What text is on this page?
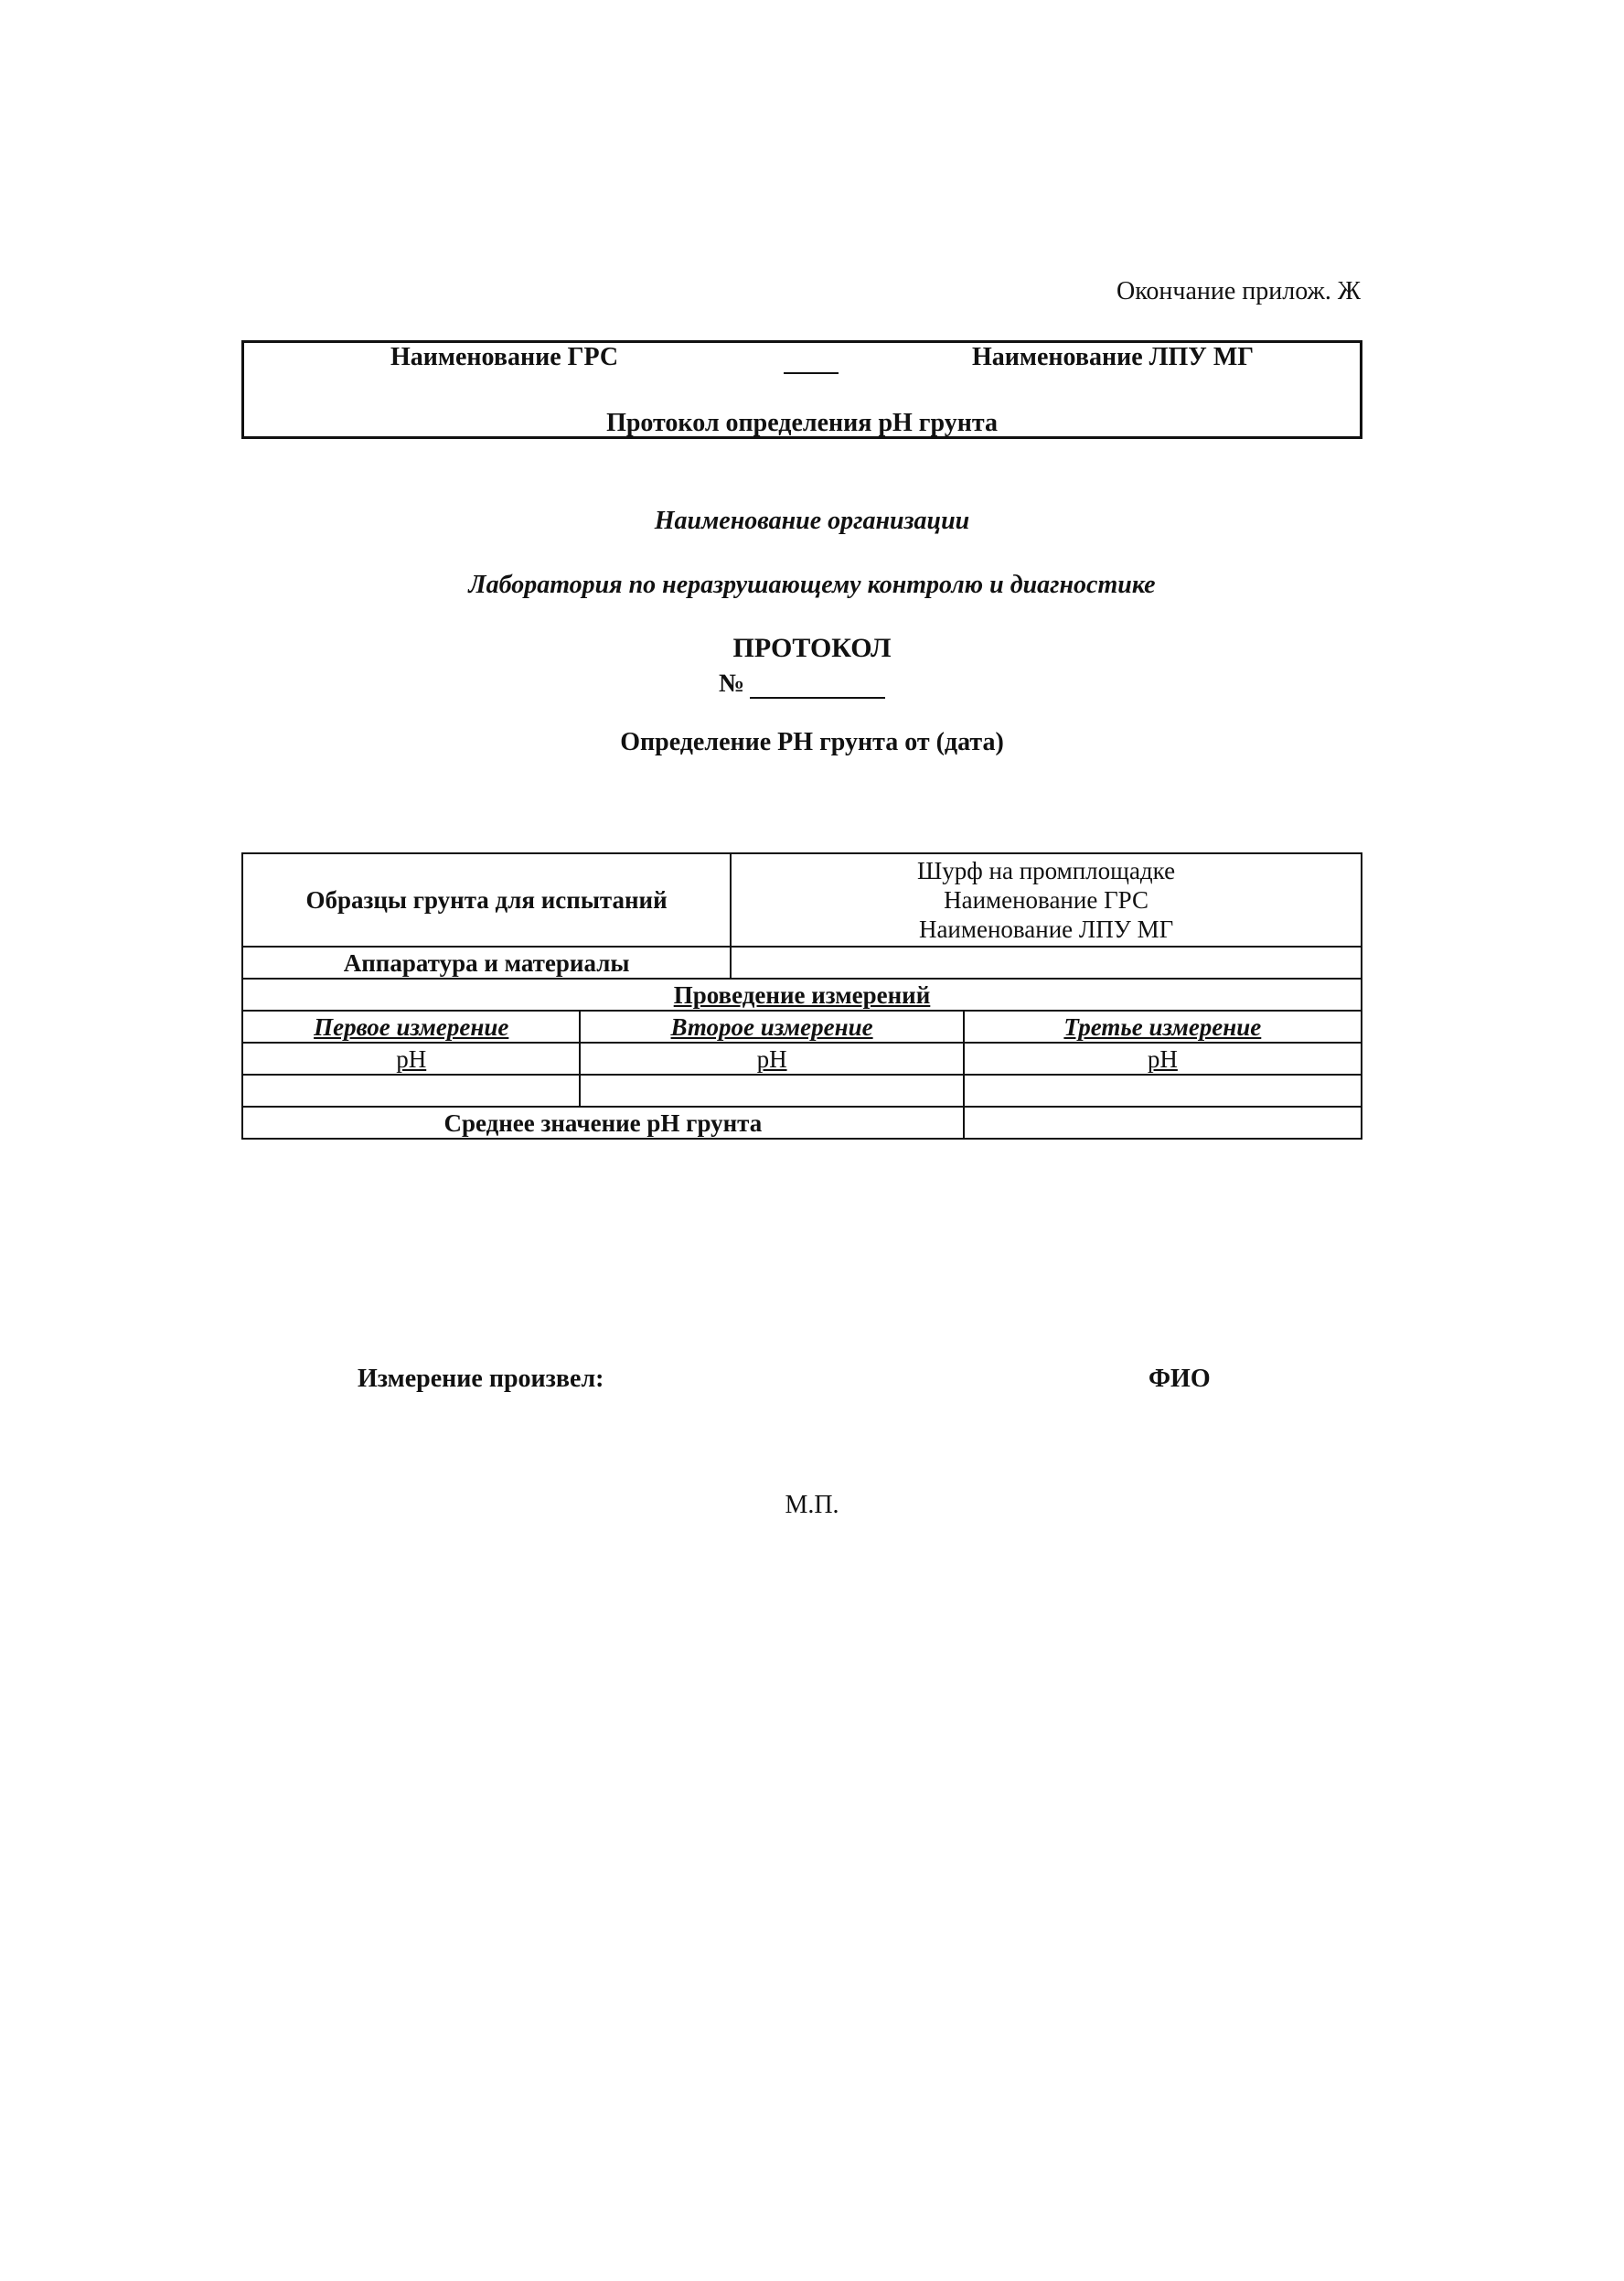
Окончание прилож. Ж
Наименование ГРС	Наименование ЛПУ МГ
Протокол определения pH грунта
Наименование организации
Лаборатория по неразрушающему контролю и диагностике
ПРОТОКОЛ
№
Определение PH грунта от (дата)
Образцы грунта для испытаний		Шурф на промплощадке
Наименование ГРС
Наименование ЛПУ МГ	

Аппаратура и материалы			
Проведение измерений			
Первое измерение	Второе измерение		Третье измерение
pH	pH		pH

Среднее значение pH грунта			
Измерение произвел:	ФИО
М.П.
